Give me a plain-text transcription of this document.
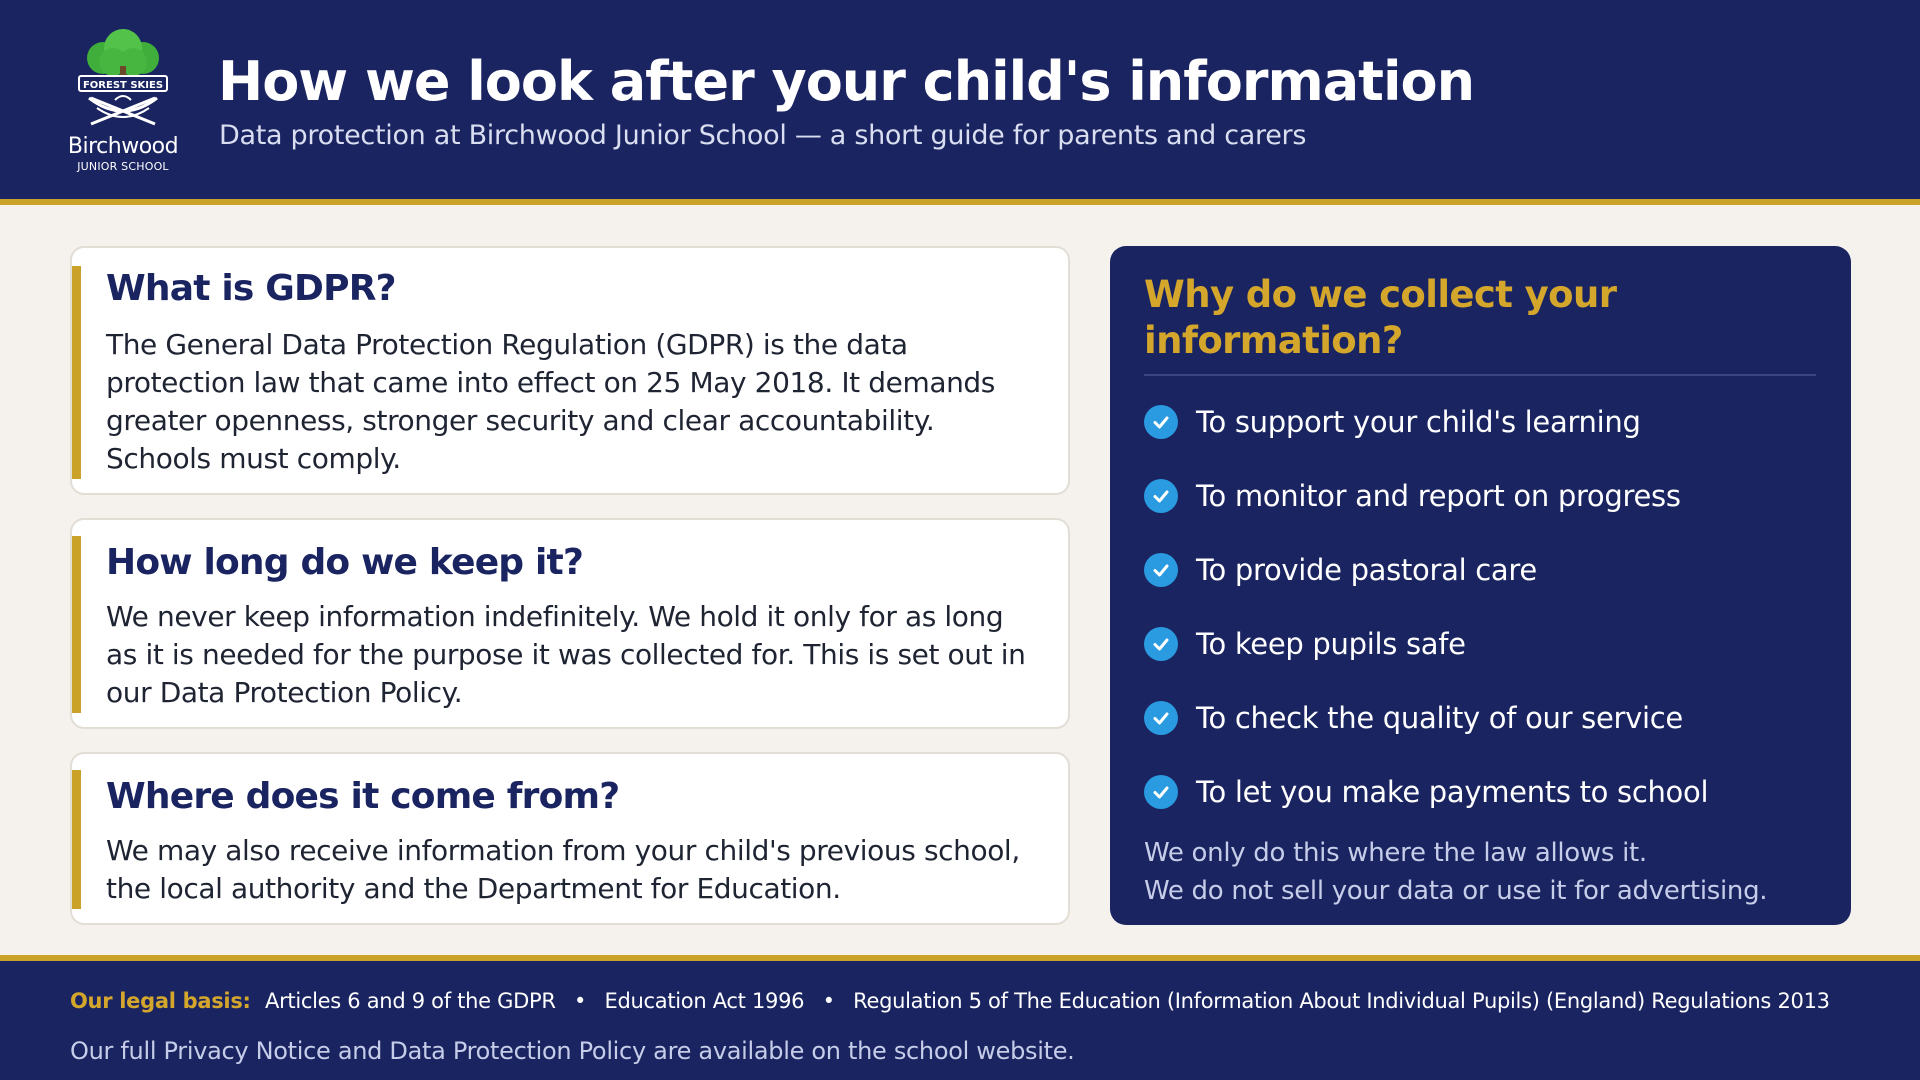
FOREST SKIES
Birchwood
JUNIOR SCHOOL
How we look after your child's information
Data protection at Birchwood Junior School — a short guide for parents and carers
What is GDPR?

The General Data Protection Regulation (GDPR) is the data protection law that came into effect on 25 May 2018. It demands greater openness, stronger security and clear accountability. Schools must comply.

How long do we keep it?

We never keep information indefinitely. We hold it only for as long as it is needed for the purpose it was collected for. This is set out in our Data Protection Policy.

Where does it come from?

We may also receive information from your child's previous school, the local authority and the Department for Education.

Why do we collect your information?
To support your child's learning
To monitor and report on progress
To provide pastoral care
To keep pupils safe
To check the quality of our service
To let you make payments to school
We only do this where the law allows it.
We do not sell your data or use it for advertising.
Our legal basis: Articles 6 and 9 of the GDPR • Education Act 1996 • Regulation 5 of The Education (Information About Individual Pupils) (England) Regulations 2013
Our full Privacy Notice and Data Protection Policy are available on the school website.
